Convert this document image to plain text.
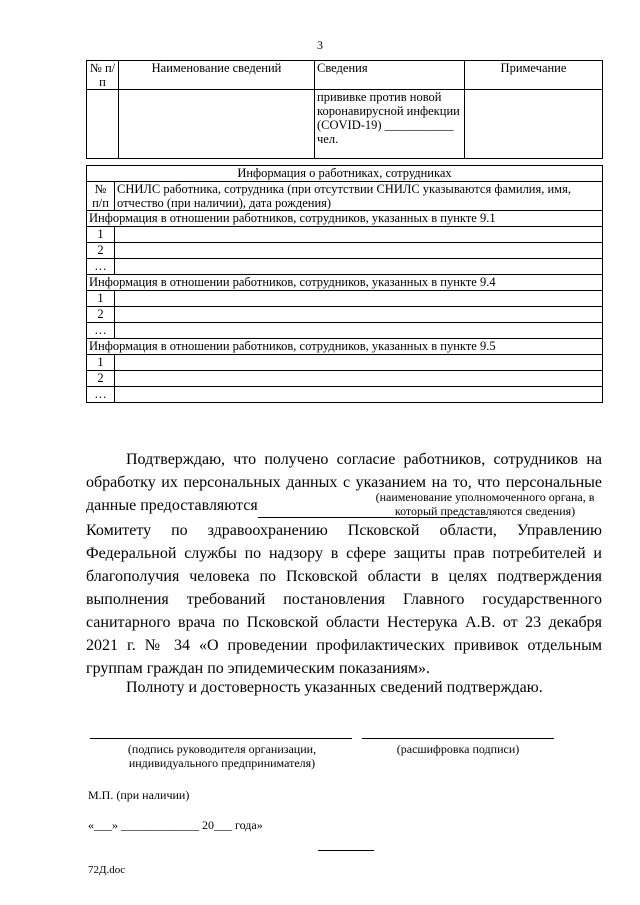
3
№ п/п	Наименование сведений	Сведения	Примечание
		прививке против новой коронавирусной инфекции (COVID-19) ___________ чел.	
Информация о работниках, сотрудниках	
№ п/п	СНИЛС работника, сотрудника (при отсутствии СНИЛС указываются фамилия, имя, отчество (при наличии), дата рождения)
Информация в отношении работников, сотрудников, указанных в пункте 9.1	
1	
2	
…	
Информация в отношении работников, сотрудников, указанных в пункте 9.4	
1	
2	
…	
Информация в отношении работников, сотрудников, указанных в пункте 9.5	
1	
2	
…	
Подтверждаю, что получено согласие работников, сотрудников на обработку их персональных данных с указанием на то, что персональные данные предоставляются	(наименование уполномоченного органа, в который представляются сведения)
Комитету по здравоохранению Псковской области, Управлению Федеральной службы по надзору в сфере защиты прав потребителей и благополучия человека по Псковской области в целях подтверждения выполнения требований постановления Главного государственного санитарного врача по Псковской области Нестерука А.В. от 23 декабря 2021 г. № 34 «О проведении профилактических прививок отдельным группам граждан по эпидемическим показаниям».
Полноту и достоверность указанных сведений подтверждаю.
(подпись руководителя организации, индивидуального предпринимателя)
(расшифровка подписи)
М.П. (при наличии)
«___» _____________ 20___ года»
72Д.doc
